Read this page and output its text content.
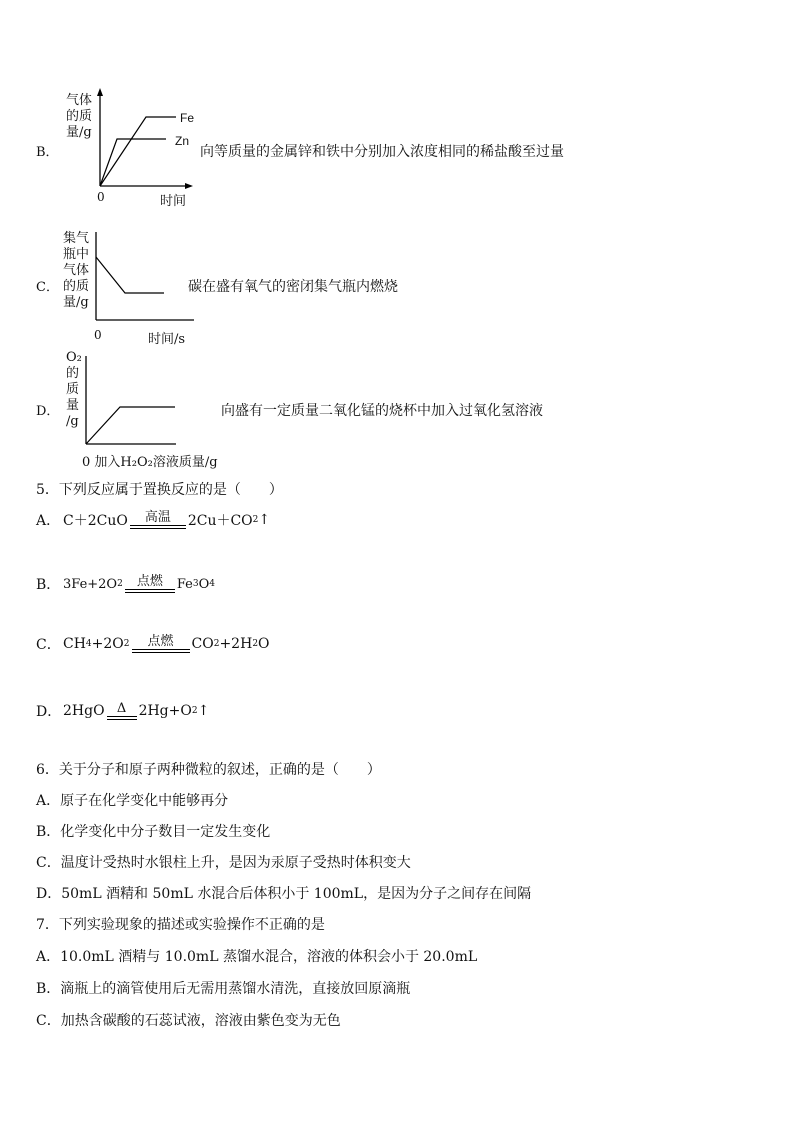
B．
气体
的质
量/g
Fe
Zn
0	时间
向等质量的金属锌和铁中分别加入浓度相同的稀盐酸至过量
C．
集气
瓶中
气体
的质
量/g
0	时间/s
碳在盛有氧气的密闭集气瓶内燃烧
D．
O₂
的
质
量
/g
0 加入H₂O₂溶液质量/g
向盛有一定质量二氧化锰的烧杯中加入过氧化氢溶液
5．下列反应属于置换反应的是（　　）
A． C＋2CuO 高温 2Cu＋CO 2 ↑
B． 3Fe+2O 2 点燃 Fe 3 O 4
C． CH 4 +2O 2 点燃 CO 2 +2H 2 O
D． 2HgO Δ 2Hg+O 2 ↑
6．关于分子和原子两种微粒的叙述，正确的是（　　）
A．原子在化学变化中能够再分
B．化学变化中分子数目一定发生变化
C．温度计受热时水银柱上升，是因为汞原子受热时体积变大
D．50mL 酒精和 50mL 水混合后体积小于 100mL，是因为分子之间存在间隔
7．下列实验现象的描述或实验操作不正确的是
A．10.0mL 酒精与 10.0mL 蒸馏水混合，溶液的体积会小于 20.0mL
B．滴瓶上的滴管使用后无需用蒸馏水清洗，直接放回原滴瓶
C．加热含碳酸的石蕊试液，溶液由紫色变为无色
